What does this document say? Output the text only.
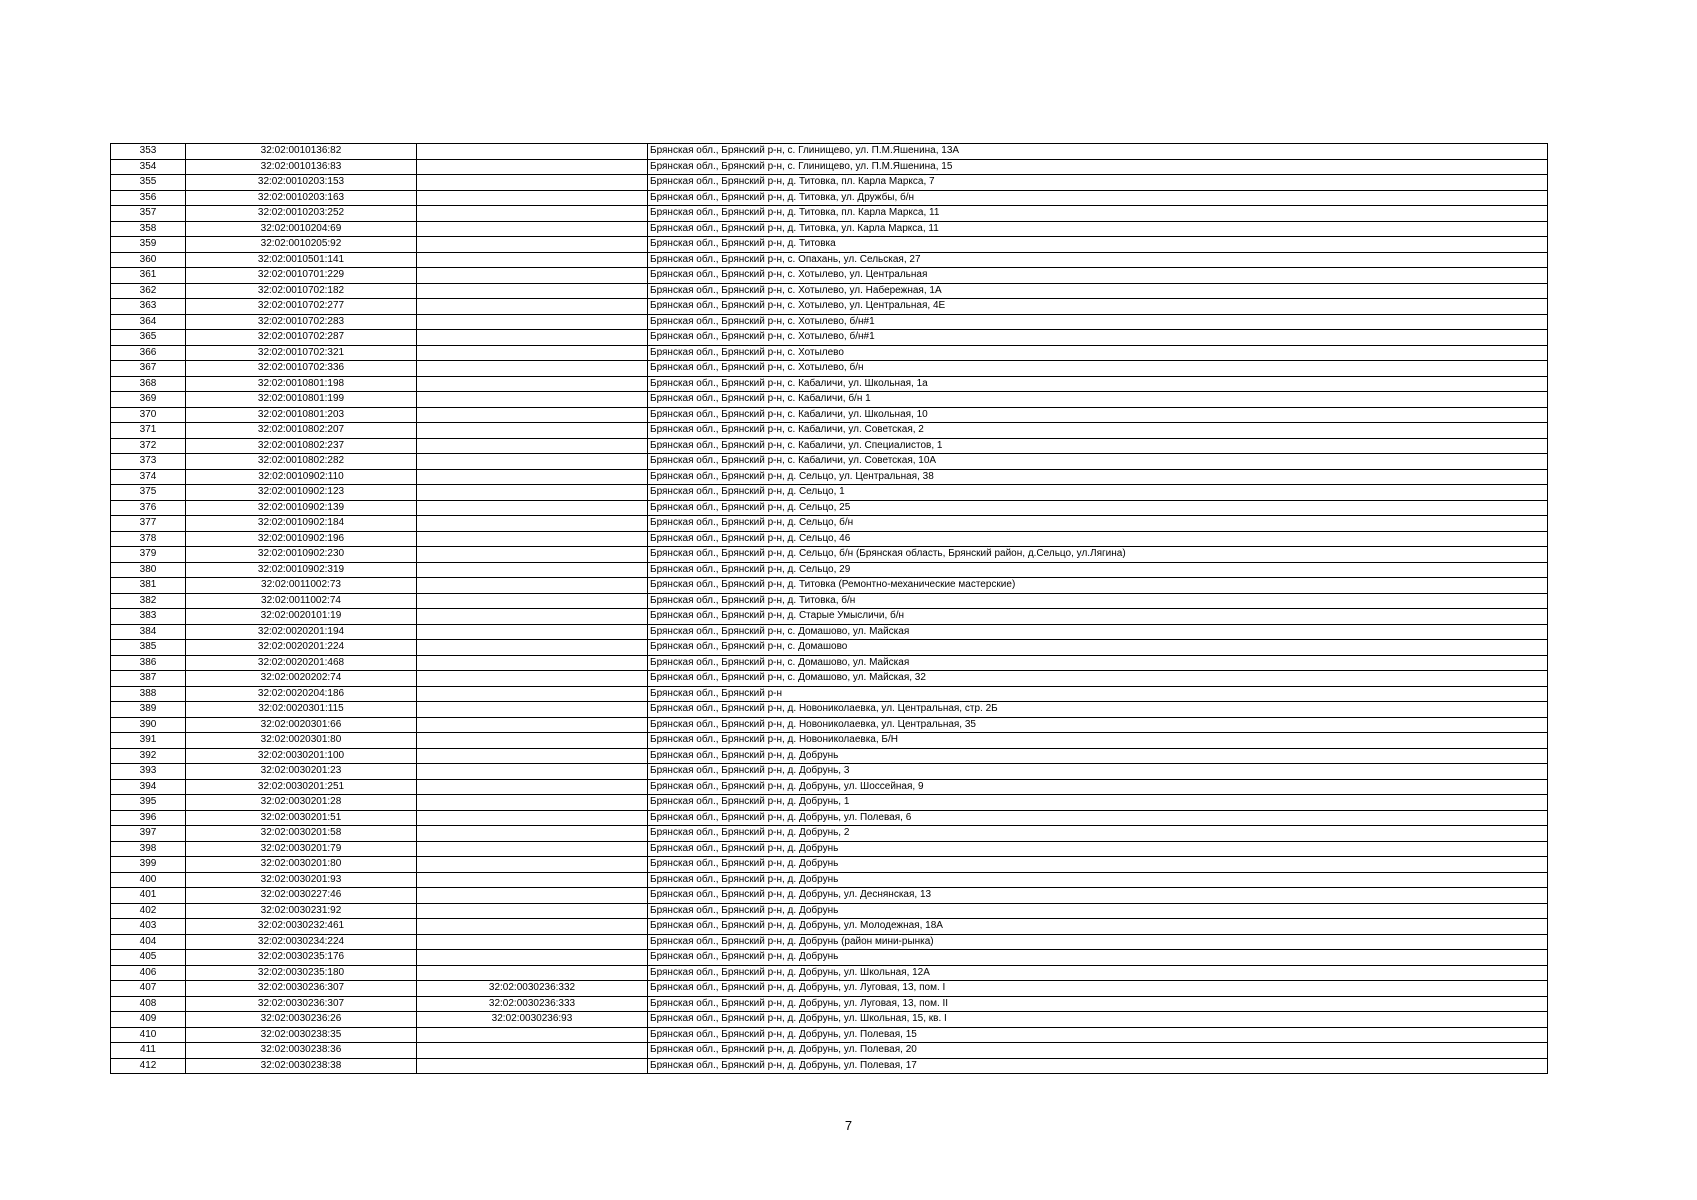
353	32:02:0010136:82		Брянская обл., Брянский р-н, с. Глинищево, ул. П.М.Яшенина, 13А
354	32:02:0010136:83		Брянская обл., Брянский р-н, с. Глинищево, ул. П.М.Яшенина, 15
355	32:02:0010203:153		Брянская обл., Брянский р-н, д. Титовка, пл. Карла Маркса, 7
356	32:02:0010203:163		Брянская обл., Брянский р-н, д. Титовка, ул. Дружбы, б/н
357	32:02:0010203:252		Брянская обл., Брянский р-н, д. Титовка, пл. Карла Маркса, 11
358	32:02:0010204:69		Брянская обл., Брянский р-н, д. Титовка, ул. Карла Маркса, 11
359	32:02:0010205:92		Брянская обл., Брянский р-н, д. Титовка
360	32:02:0010501:141		Брянская обл., Брянский р-н, с. Опахань, ул. Сельская, 27
361	32:02:0010701:229		Брянская обл., Брянский р-н, с. Хотылево, ул. Центральная
362	32:02:0010702:182		Брянская обл., Брянский р-н, с. Хотылево, ул. Набережная, 1А
363	32:02:0010702:277		Брянская обл., Брянский р-н, с. Хотылево, ул. Центральная, 4Е
364	32:02:0010702:283		Брянская обл., Брянский р-н, с. Хотылево, б/н#1
365	32:02:0010702:287		Брянская обл., Брянский р-н, с. Хотылево, б/н#1
366	32:02:0010702:321		Брянская обл., Брянский р-н, с. Хотылево
367	32:02:0010702:336		Брянская обл., Брянский р-н, с. Хотылево, б/н
368	32:02:0010801:198		Брянская обл., Брянский р-н, с. Кабаличи, ул. Школьная, 1а
369	32:02:0010801:199		Брянская обл., Брянский р-н, с. Кабаличи, б/н 1
370	32:02:0010801:203		Брянская обл., Брянский р-н, с. Кабаличи, ул. Школьная, 10
371	32:02:0010802:207		Брянская обл., Брянский р-н, с. Кабаличи, ул. Советская, 2
372	32:02:0010802:237		Брянская обл., Брянский р-н, с. Кабаличи, ул. Специалистов, 1
373	32:02:0010802:282		Брянская обл., Брянский р-н, с. Кабаличи, ул. Советская, 10А
374	32:02:0010902:110		Брянская обл., Брянский р-н, д. Сельцо, ул. Центральная, 38
375	32:02:0010902:123		Брянская обл., Брянский р-н, д. Сельцо, 1
376	32:02:0010902:139		Брянская обл., Брянский р-н, д. Сельцо, 25
377	32:02:0010902:184		Брянская обл., Брянский р-н, д. Сельцо, б/н
378	32:02:0010902:196		Брянская обл., Брянский р-н, д. Сельцо, 46
379	32:02:0010902:230		Брянская обл., Брянский р-н, д. Сельцо, б/н (Брянская область, Брянский район, д.Сельцо, ул.Лягина)
380	32:02:0010902:319		Брянская обл., Брянский р-н, д. Сельцо, 29
381	32:02:0011002:73		Брянская обл., Брянский р-н, д. Титовка (Ремонтно-механические мастерские)
382	32:02:0011002:74		Брянская обл., Брянский р-н, д. Титовка, б/н
383	32:02:0020101:19		Брянская обл., Брянский р-н, д. Старые Умысличи, б/н
384	32:02:0020201:194		Брянская обл., Брянский р-н, с. Домашово, ул. Майская
385	32:02:0020201:224		Брянская обл., Брянский р-н, с. Домашово
386	32:02:0020201:468		Брянская обл., Брянский р-н, с. Домашово, ул. Майская
387	32:02:0020202:74		Брянская обл., Брянский р-н, с. Домашово, ул. Майская, 32
388	32:02:0020204:186		Брянская обл., Брянский р-н
389	32:02:0020301:115		Брянская обл., Брянский р-н, д. Новониколаевка, ул. Центральная, стр. 2Б
390	32:02:0020301:66		Брянская обл., Брянский р-н, д. Новониколаевка, ул. Центральная, 35
391	32:02:0020301:80		Брянская обл., Брянский р-н, д. Новониколаевка, Б/Н
392	32:02:0030201:100		Брянская обл., Брянский р-н, д. Добрунь
393	32:02:0030201:23		Брянская обл., Брянский р-н, д. Добрунь, 3
394	32:02:0030201:251		Брянская обл., Брянский р-н, д. Добрунь, ул. Шоссейная, 9
395	32:02:0030201:28		Брянская обл., Брянский р-н, д. Добрунь, 1
396	32:02:0030201:51		Брянская обл., Брянский р-н, д. Добрунь, ул. Полевая, 6
397	32:02:0030201:58		Брянская обл., Брянский р-н, д. Добрунь, 2
398	32:02:0030201:79		Брянская обл., Брянский р-н, д. Добрунь
399	32:02:0030201:80		Брянская обл., Брянский р-н, д. Добрунь
400	32:02:0030201:93		Брянская обл., Брянский р-н, д. Добрунь
401	32:02:0030227:46		Брянская обл., Брянский р-н, д. Добрунь, ул. Деснянская, 13
402	32:02:0030231:92		Брянская обл., Брянский р-н, д. Добрунь
403	32:02:0030232:461		Брянская обл., Брянский р-н, д. Добрунь, ул. Молодежная, 18А
404	32:02:0030234:224		Брянская обл., Брянский р-н, д. Добрунь (район мини-рынка)
405	32:02:0030235:176		Брянская обл., Брянский р-н, д. Добрунь
406	32:02:0030235:180		Брянская обл., Брянский р-н, д. Добрунь, ул. Школьная, 12А
407	32:02:0030236:307	32:02:0030236:332	Брянская обл., Брянский р-н, д. Добрунь, ул. Луговая, 13, пом. I
408	32:02:0030236:307	32:02:0030236:333	Брянская обл., Брянский р-н, д. Добрунь, ул. Луговая, 13, пом. II
409	32:02:0030236:26	32:02:0030236:93	Брянская обл., Брянский р-н, д. Добрунь, ул. Школьная, 15, кв. I
410	32:02:0030238:35		Брянская обл., Брянский р-н, д. Добрунь, ул. Полевая, 15
411	32:02:0030238:36		Брянская обл., Брянский р-н, д. Добрунь, ул. Полевая, 20
412	32:02:0030238:38		Брянская обл., Брянский р-н, д. Добрунь, ул. Полевая, 17
7
